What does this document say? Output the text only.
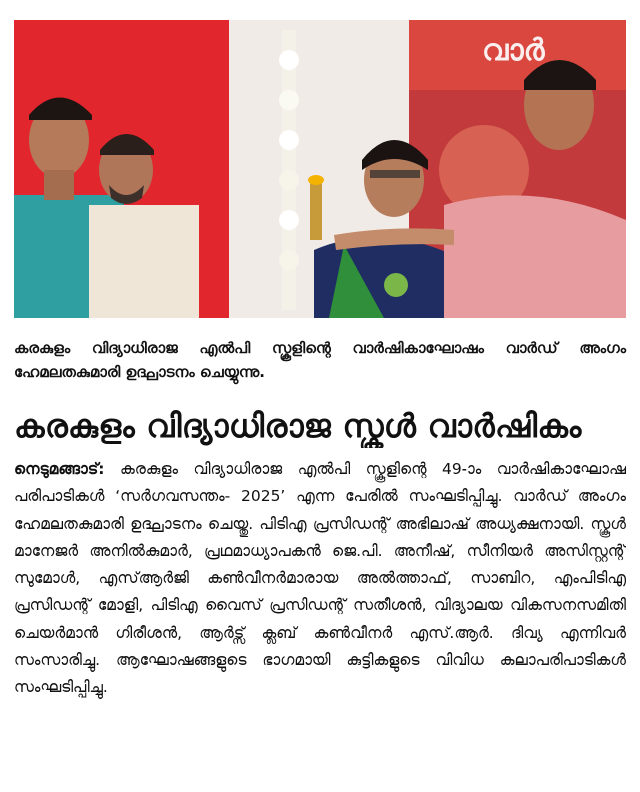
വാർ
കരകുളം വിദ്യാധിരാജ എൽപി സ്കൂളിന്റെ വാർഷികാഘോഷം വാർഡ് അംഗം ഹേമലതകുമാരി ഉദ്ഘാടനം ചെയ്യുന്നു.
കരകുളം വിദ്യാധിരാജ സ്കൂൾ വാർഷികം
നെടുമങ്ങാട്: കരകുളം വിദ്യാധിരാജ എൽപി സ്കൂളിന്റെ 49-ാം വാർഷികാഘോഷ പരിപാടികൾ ‘സർഗവസന്തം- 2025’ എന്ന പേരിൽ സംഘടിപ്പിച്ചു. വാർഡ് അംഗം ഹേമലതകുമാരി ഉദ്ഘാടനം ചെയ്തു. പിടിഎ പ്രസിഡന്റ് അഭിലാഷ് അധ്യക്ഷനായി. സ്കൂൾ മാനേജർ അനിൽകുമാർ, പ്രഥമാധ്യാപകൻ ജെ.പി. അനീഷ്, സീനിയർ അസിസ്റ്റന്റ് സുമോൾ, എസ്ആർജി കൺവീനർമാരായ അൽത്താഫ്, സാബിറ, എംപിടിഎ പ്രസിഡന്റ് മോളി, പിടിഎ വൈസ് പ്രസിഡന്റ് സതീശൻ, വിദ്യാലയ വികസനസമിതി ചെയർമാൻ ഗിരീശൻ, ആർട്സ് ക്ലബ് കൺവീനർ എസ്.ആർ. ദിവ്യ എന്നിവർ സംസാരിച്ചു. ആഘോഷങ്ങളുടെ ഭാഗമായി കുട്ടികളുടെ വിവിധ കലാപരിപാടികൾ സംഘടിപ്പിച്ചു.
